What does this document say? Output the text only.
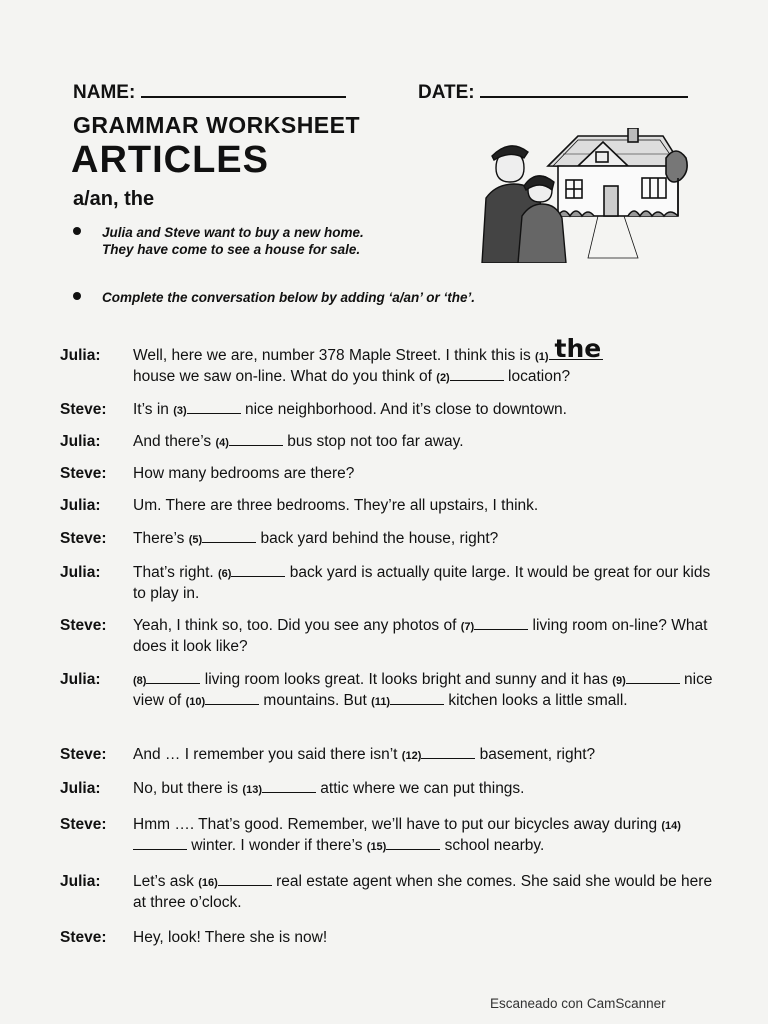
NAME:	DATE:
GRAMMAR WORKSHEET
ARTICLES
a/an, the
Julia and Steve want to buy a new home. They have come to see a house for sale.
Complete the conversation below by adding ‘a/an’ or ‘the’.
Julia:	Well, here we are, number 378 Maple Street. I think this is (1) the

house we saw on-line. What do you think of (2)	location?
Steve:	It’s in (3)	nice neighborhood. And it’s close to downtown.
Julia:	And there’s (4)	bus stop not too far away.
Steve:	How many bedrooms are there?
Julia:	Um. There are three bedrooms. They’re all upstairs, I think.
Steve:	There’s (5)	back yard behind the house, right?
Julia:	That’s right. (6)	back yard is actually quite large. It would be great for our kids to play in.
Steve:	Yeah, I think so, too. Did you see any photos of (7)	living room on-line? What does it look like?
Julia:	(8)	living room looks great. It looks bright and sunny and it has (9)	nice view of (10)	mountains. But (11)	kitchen looks a little small.
Steve:	And … I remember you said there isn’t (12)	basement, right?
Julia:	No, but there is (13)	attic where we can put things.
Steve:	Hmm …. That’s good. Remember, we’ll have to put our bicycles away during (14) winter. I wonder if there’s (15)	school nearby.
Julia:	Let’s ask (16)	real estate agent when she comes. She said she would be here at three o’clock.
Steve:	Hey, look! There she is now!
Escaneado con CamScanner
